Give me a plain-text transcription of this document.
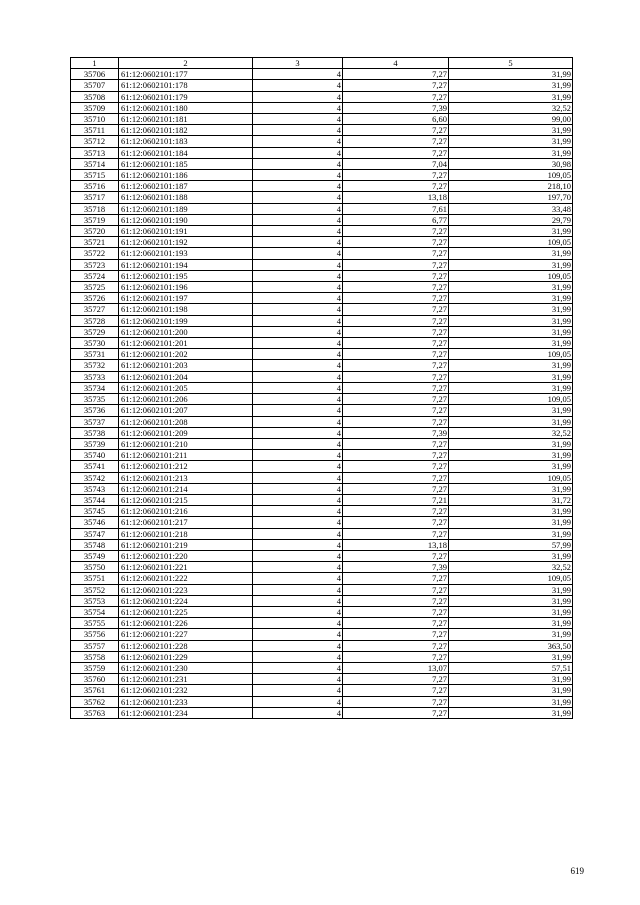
1	2	3	4	5
35706	61:12:0602101:177	4	7,27	31,99
35707	61:12:0602101:178	4	7,27	31,99
35708	61:12:0602101:179	4	7,27	31,99
35709	61:12:0602101:180	4	7,39	32,52
35710	61:12:0602101:181	4	6,60	99,00
35711	61:12:0602101:182	4	7,27	31,99
35712	61:12:0602101:183	4	7,27	31,99
35713	61:12:0602101:184	4	7,27	31,99
35714	61:12:0602101:185	4	7,04	30,98
35715	61:12:0602101:186	4	7,27	109,05
35716	61:12:0602101:187	4	7,27	218,10
35717	61:12:0602101:188	4	13,18	197,70
35718	61:12:0602101:189	4	7,61	33,48
35719	61:12:0602101:190	4	6,77	29,79
35720	61:12:0602101:191	4	7,27	31,99
35721	61:12:0602101:192	4	7,27	109,05
35722	61:12:0602101:193	4	7,27	31,99
35723	61:12:0602101:194	4	7,27	31,99
35724	61:12:0602101:195	4	7,27	109,05
35725	61:12:0602101:196	4	7,27	31,99
35726	61:12:0602101:197	4	7,27	31,99
35727	61:12:0602101:198	4	7,27	31,99
35728	61:12:0602101:199	4	7,27	31,99
35729	61:12:0602101:200	4	7,27	31,99
35730	61:12:0602101:201	4	7,27	31,99
35731	61:12:0602101:202	4	7,27	109,05
35732	61:12:0602101:203	4	7,27	31,99
35733	61:12:0602101:204	4	7,27	31,99
35734	61:12:0602101:205	4	7,27	31,99
35735	61:12:0602101:206	4	7,27	109,05
35736	61:12:0602101:207	4	7,27	31,99
35737	61:12:0602101:208	4	7,27	31,99
35738	61:12:0602101:209	4	7,39	32,52
35739	61:12:0602101:210	4	7,27	31,99
35740	61:12:0602101:211	4	7,27	31,99
35741	61:12:0602101:212	4	7,27	31,99
35742	61:12:0602101:213	4	7,27	109,05
35743	61:12:0602101:214	4	7,27	31,99
35744	61:12:0602101:215	4	7,21	31,72
35745	61:12:0602101:216	4	7,27	31,99
35746	61:12:0602101:217	4	7,27	31,99
35747	61:12:0602101:218	4	7,27	31,99
35748	61:12:0602101:219	4	13,18	57,99
35749	61:12:0602101:220	4	7,27	31,99
35750	61:12:0602101:221	4	7,39	32,52
35751	61:12:0602101:222	4	7,27	109,05
35752	61:12:0602101:223	4	7,27	31,99
35753	61:12:0602101:224	4	7,27	31,99
35754	61:12:0602101:225	4	7,27	31,99
35755	61:12:0602101:226	4	7,27	31,99
35756	61:12:0602101:227	4	7,27	31,99
35757	61:12:0602101:228	4	7,27	363,50
35758	61:12:0602101:229	4	7,27	31,99
35759	61:12:0602101:230	4	13,07	57,51
35760	61:12:0602101:231	4	7,27	31,99
35761	61:12:0602101:232	4	7,27	31,99
35762	61:12:0602101:233	4	7,27	31,99
35763	61:12:0602101:234	4	7,27	31,99
619
